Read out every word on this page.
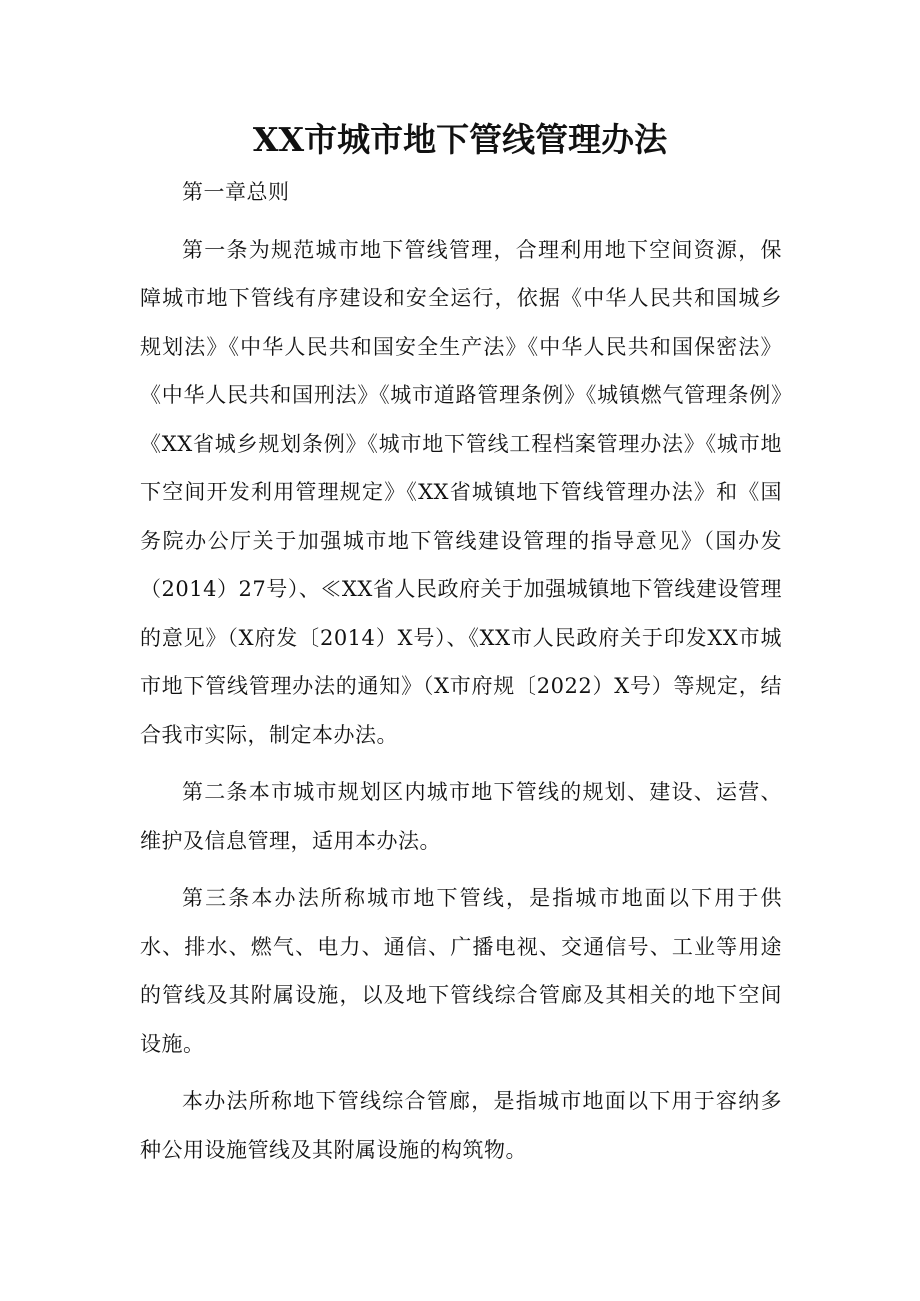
XX市城市地下管线管理办法

第一章总则

第一条为规范城市地下管线管理，合理利用地下空间资源，保障城市地下管线有序建设和安全运行，依据《中华人民共和国城乡规划法》《中华人民共和国安全生产法》《中华人民共和国保密法》《中华人民共和国刑法》《城市道路管理条例》《城镇燃气管理条例》《XX省城乡规划条例》《城市地下管线工程档案管理办法》《城市地下空间开发利用管理规定》《XX省城镇地下管线管理办法》和《国务院办公厅关于加强城市地下管线建设管理的指导意见》（国办发（2014）27号）、≪XX省人民政府关于加强城镇地下管线建设管理的意见》（X府发〔2014）X号）、《XX市人民政府关于印发XX市城市地下管线管理办法的通知》（X市府规〔2022）X号）等规定，结合我市实际，制定本办法。

第二条本市城市规划区内城市地下管线的规划、建设、运营、维护及信息管理，适用本办法。

第三条本办法所称城市地下管线，是指城市地面以下用于供水、排水、燃气、电力、通信、广播电视、交通信号、工业等用途的管线及其附属设施，以及地下管线综合管廊及其相关的地下空间设施。

本办法所称地下管线综合管廊，是指城市地面以下用于容纳多种公用设施管线及其附属设施的构筑物。
